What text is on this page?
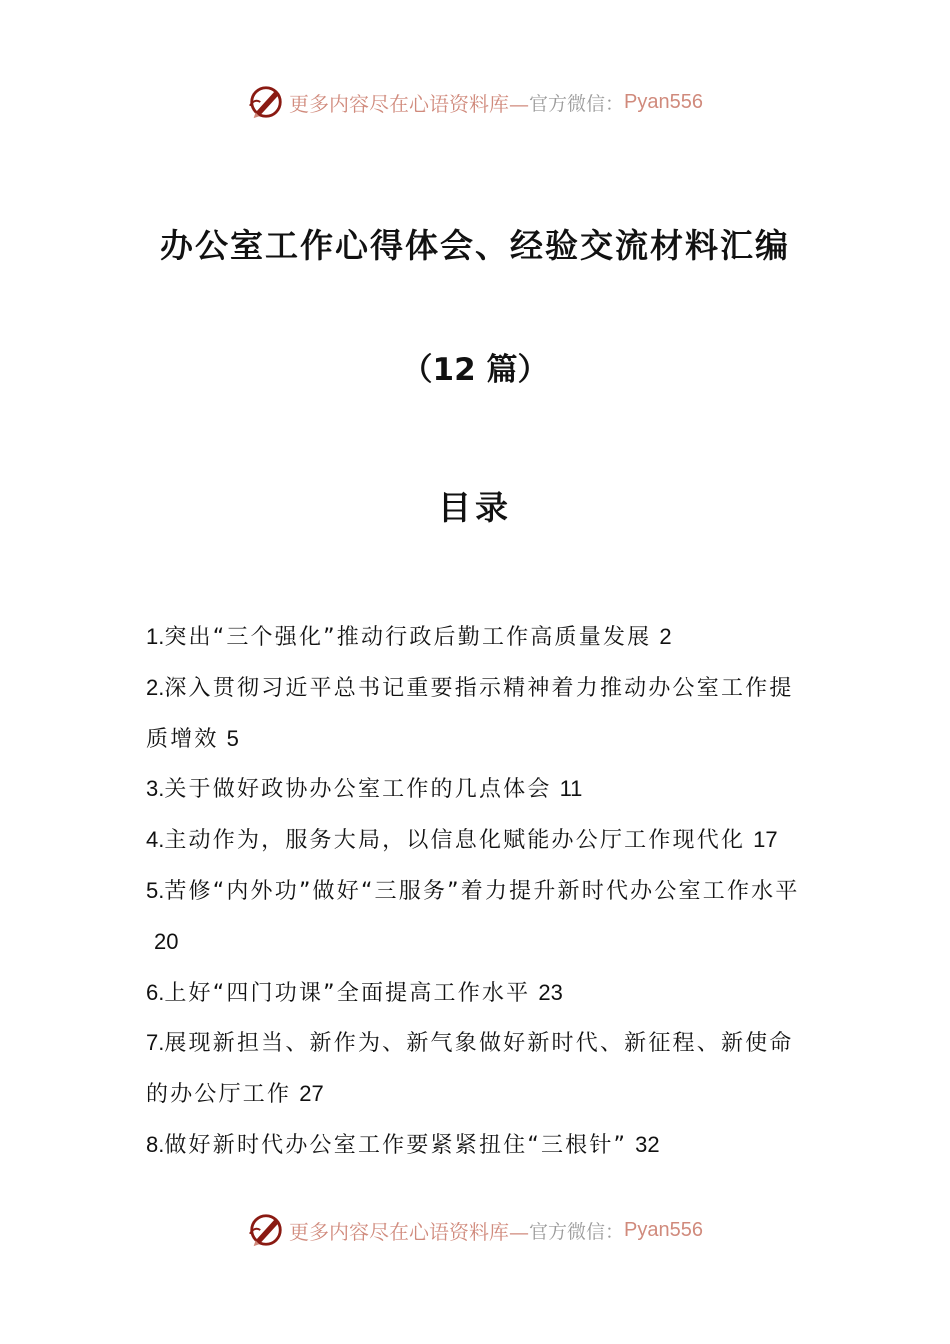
更多内容尽在心语资料库— 官方微信： Pyan556
办公室工作心得体会、经验交流材料汇编
（12 篇）
目录

1.突出“三个强化”推动行政后勤工作高质量发展 2

2.深入贯彻习近平总书记重要指示精神着力推动办公室工作提质增效 5

3.关于做好政协办公室工作的几点体会 11

4.主动作为，服务大局，以信息化赋能办公厅工作现代化 17

5.苦修“内外功”做好“三服务”着力提升新时代办公室工作水平20

6.上好“四门功课”全面提高工作水平 23

7.展现新担当、新作为、新气象做好新时代、新征程、新使命的办公厅工作 27

8.做好新时代办公室工作要紧紧扭住“三根针” 32

更多内容尽在心语资料库— 官方微信： Pyan556
